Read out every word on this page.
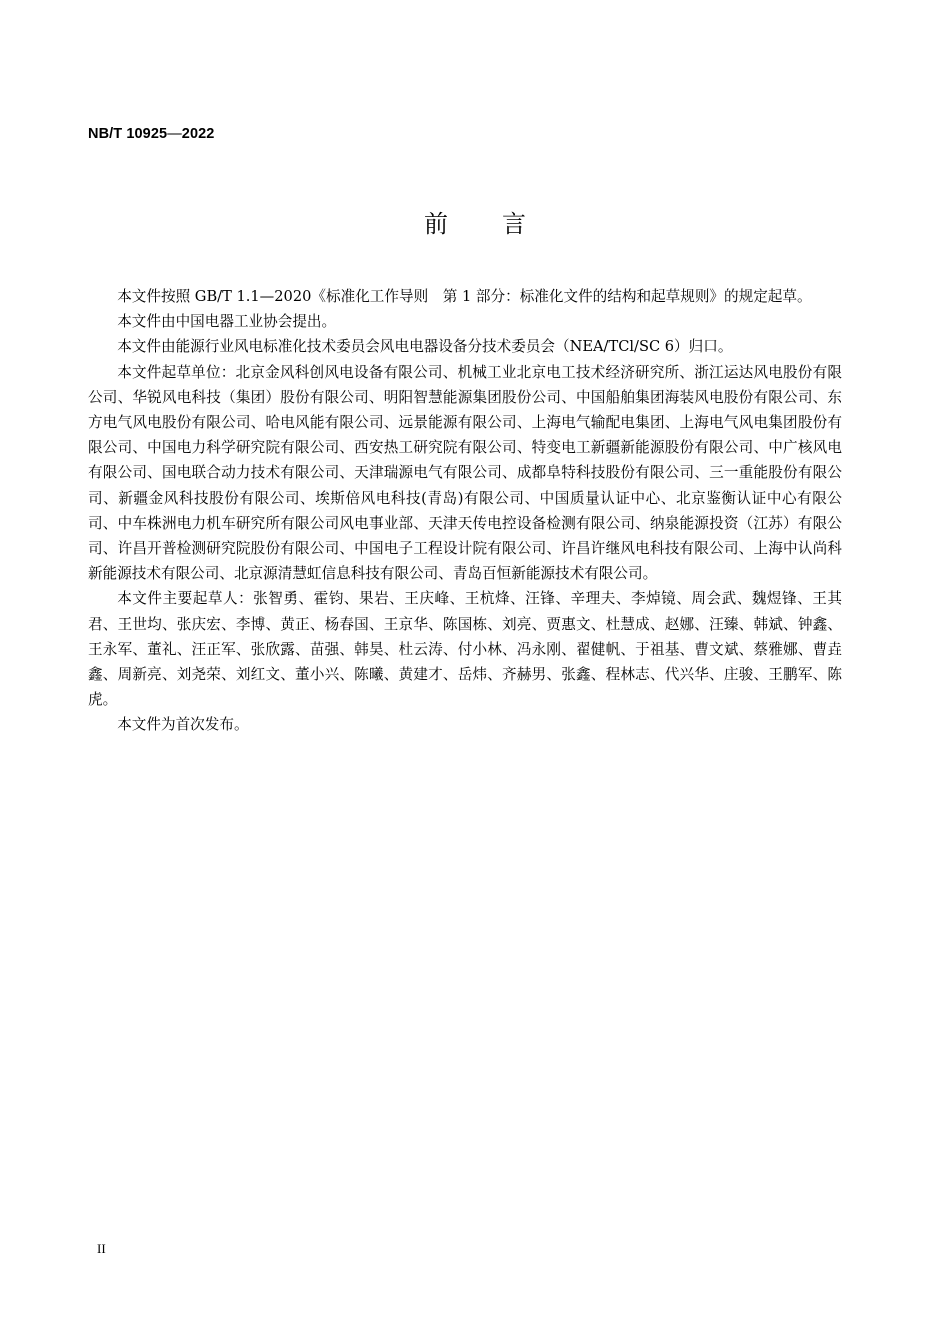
NB/T 10925—2022
前 言

本文件按照 GB/T 1.1—2020《标准化工作导则　第 1 部分：标准化文件的结构和起草规则》的规定起草。

本文件由中国电器工业协会提出。

本文件由能源行业风电标准化技术委员会风电电器设备分技术委员会（NEA/TCl/SC 6）归口。

本文件起草单位：北京金风科创风电设备有限公司、机械工业北京电工技术经济研究所、浙江运达风电股份有限公司、华锐风电科技（集团）股份有限公司、明阳智慧能源集团股份公司、中国船舶集团海装风电股份有限公司、东方电气风电股份有限公司、哈电风能有限公司、远景能源有限公司、上海电气输配电集团、上海电气风电集团股份有限公司、中国电力科学研究院有限公司、西安热工研究院有限公司、特变电工新疆新能源股份有限公司、中广核风电有限公司、国电联合动力技术有限公司、天津瑞源电气有限公司、成都阜特科技股份有限公司、三一重能股份有限公司、新疆金风科技股份有限公司、埃斯倍风电科技(青岛)有限公司、中国质量认证中心、北京鉴衡认证中心有限公司、中车株洲电力机车研究所有限公司风电事业部、天津天传电控设备检测有限公司、纳泉能源投资（江苏）有限公司、许昌开普检测研究院股份有限公司、中国电子工程设计院有限公司、许昌许继风电科技有限公司、上海中认尚科新能源技术有限公司、北京源清慧虹信息科技有限公司、青岛百恒新能源技术有限公司。

本文件主要起草人：张智勇、霍钧、果岩、王庆峰、王杭烽、汪锋、辛理夫、李焯镜、周会武、魏煜锋、王其君、王世均、张庆宏、李博、黄正、杨春国、王京华、陈国栋、刘亮、贾惠文、杜慧成、赵娜、汪臻、韩斌、钟鑫、王永军、董礼、汪正军、张欣露、苗强、韩昊、杜云涛、付小林、冯永刚、翟健帆、于祖基、曹文斌、蔡雅娜、曹垚鑫、周新亮、刘尧荣、刘红文、董小兴、陈曦、黄建才、岳炜、齐赫男、张鑫、程林志、代兴华、庄骏、王鹏军、陈虎。

本文件为首次发布。

II
